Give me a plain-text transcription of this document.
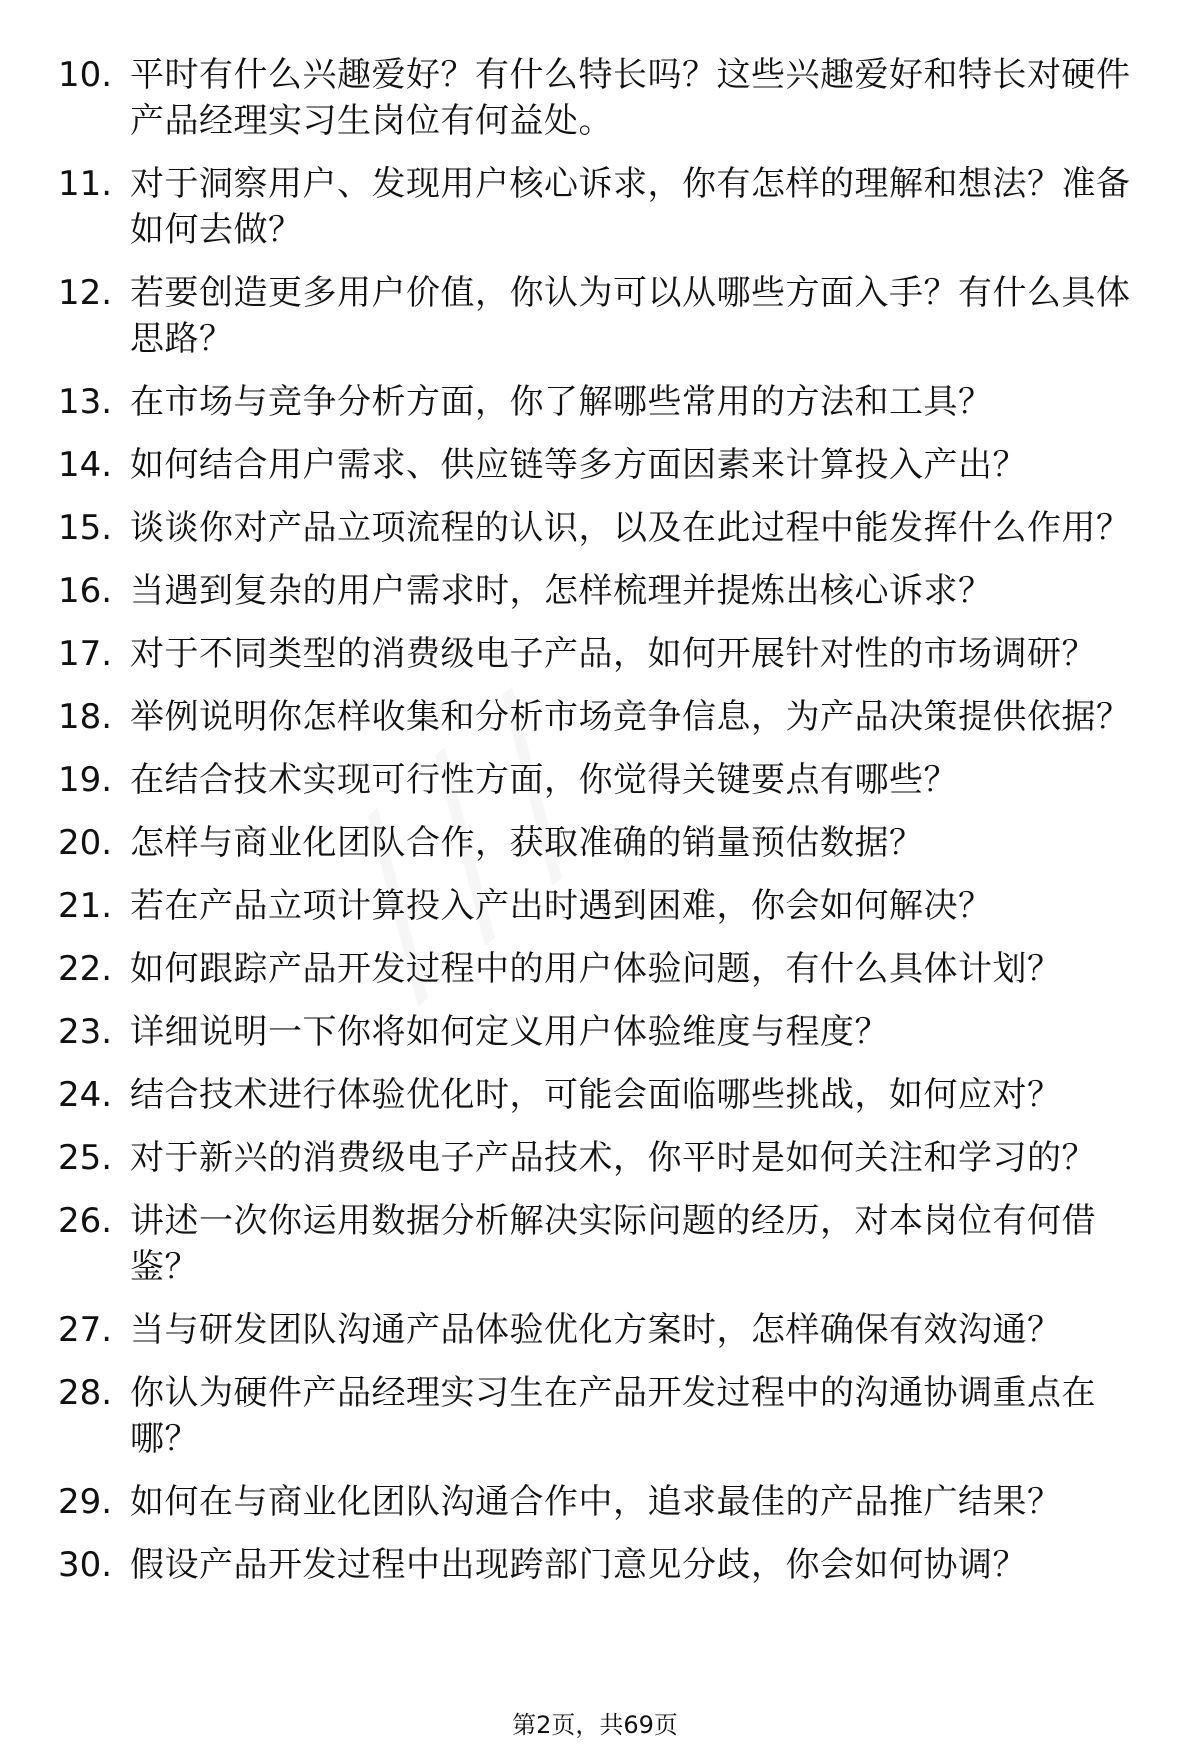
10. 平时有什么兴趣爱好？有什么特长吗？这些兴趣爱好和特长对硬件产品经理实习生岗位有何益处。
11. 对于洞察用户、发现用户核心诉求，你有怎样的理解和想法？准备如何去做？
12. 若要创造更多用户价值，你认为可以从哪些方面入手？有什么具体思路？
13. 在市场与竞争分析方面，你了解哪些常用的方法和工具？
14. 如何结合用户需求、供应链等多方面因素来计算投入产出？
15. 谈谈你对产品立项流程的认识，以及在此过程中能发挥什么作用？
16. 当遇到复杂的用户需求时，怎样梳理并提炼出核心诉求？
17. 对于不同类型的消费级电子产品，如何开展针对性的市场调研？
18. 举例说明你怎样收集和分析市场竞争信息，为产品决策提供依据？
19. 在结合技术实现可行性方面，你觉得关键要点有哪些？
20. 怎样与商业化团队合作，获取准确的销量预估数据？
21. 若在产品立项计算投入产出时遇到困难，你会如何解决？
22. 如何跟踪产品开发过程中的用户体验问题，有什么具体计划？
23. 详细说明一下你将如何定义用户体验维度与程度？
24. 结合技术进行体验优化时，可能会面临哪些挑战，如何应对？
25. 对于新兴的消费级电子产品技术，你平时是如何关注和学习的？
26. 讲述一次你运用数据分析解决实际问题的经历，对本岗位有何借鉴？
27. 当与研发团队沟通产品体验优化方案时，怎样确保有效沟通？
28. 你认为硬件产品经理实习生在产品开发过程中的沟通协调重点在哪？
29. 如何在与商业化团队沟通合作中，追求最佳的产品推广结果？
30. 假设产品开发过程中出现跨部门意见分歧，你会如何协调？
第2页，共69页
